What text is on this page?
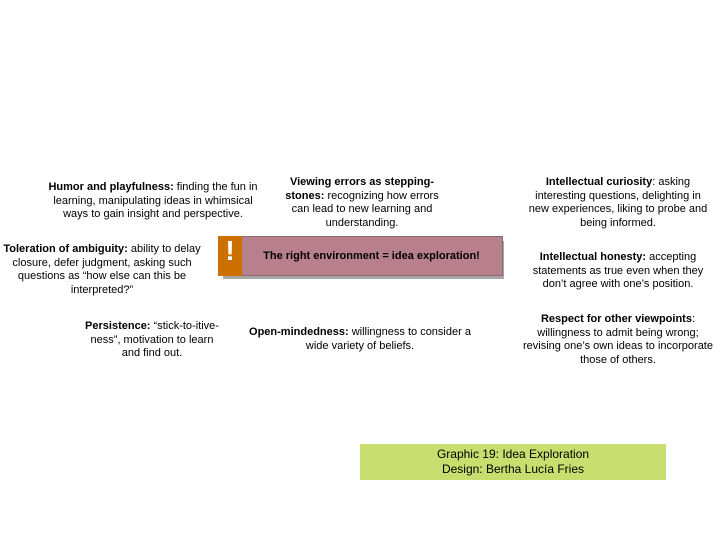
Humor and playfulness: finding the fun in learning, manipulating ideas in whimsical ways to gain insight and perspective.
Viewing errors as stepping-stones: recognizing how errors can lead to new learning and understanding.
Intellectual curiosity: asking interesting questions, delighting in new experiences, liking to probe and being informed.
Toleration of ambiguity: ability to delay closure, defer judgment, asking such questions as “how else can this be interpreted?”
Intellectual honesty: accepting statements as true even when they don’t agree with one’s position.
Persistence: “stick-to-itive-ness”, motivation to learn and find out.
Open-mindedness: willingness to consider a wide variety of beliefs.
Respect for other viewpoints: willingness to admit being wrong; revising one’s own ideas to incorporate those of others.
!	The right environment = idea exploration!
Graphic 19: Idea Exploration
Design: Bertha Lucía Fries
